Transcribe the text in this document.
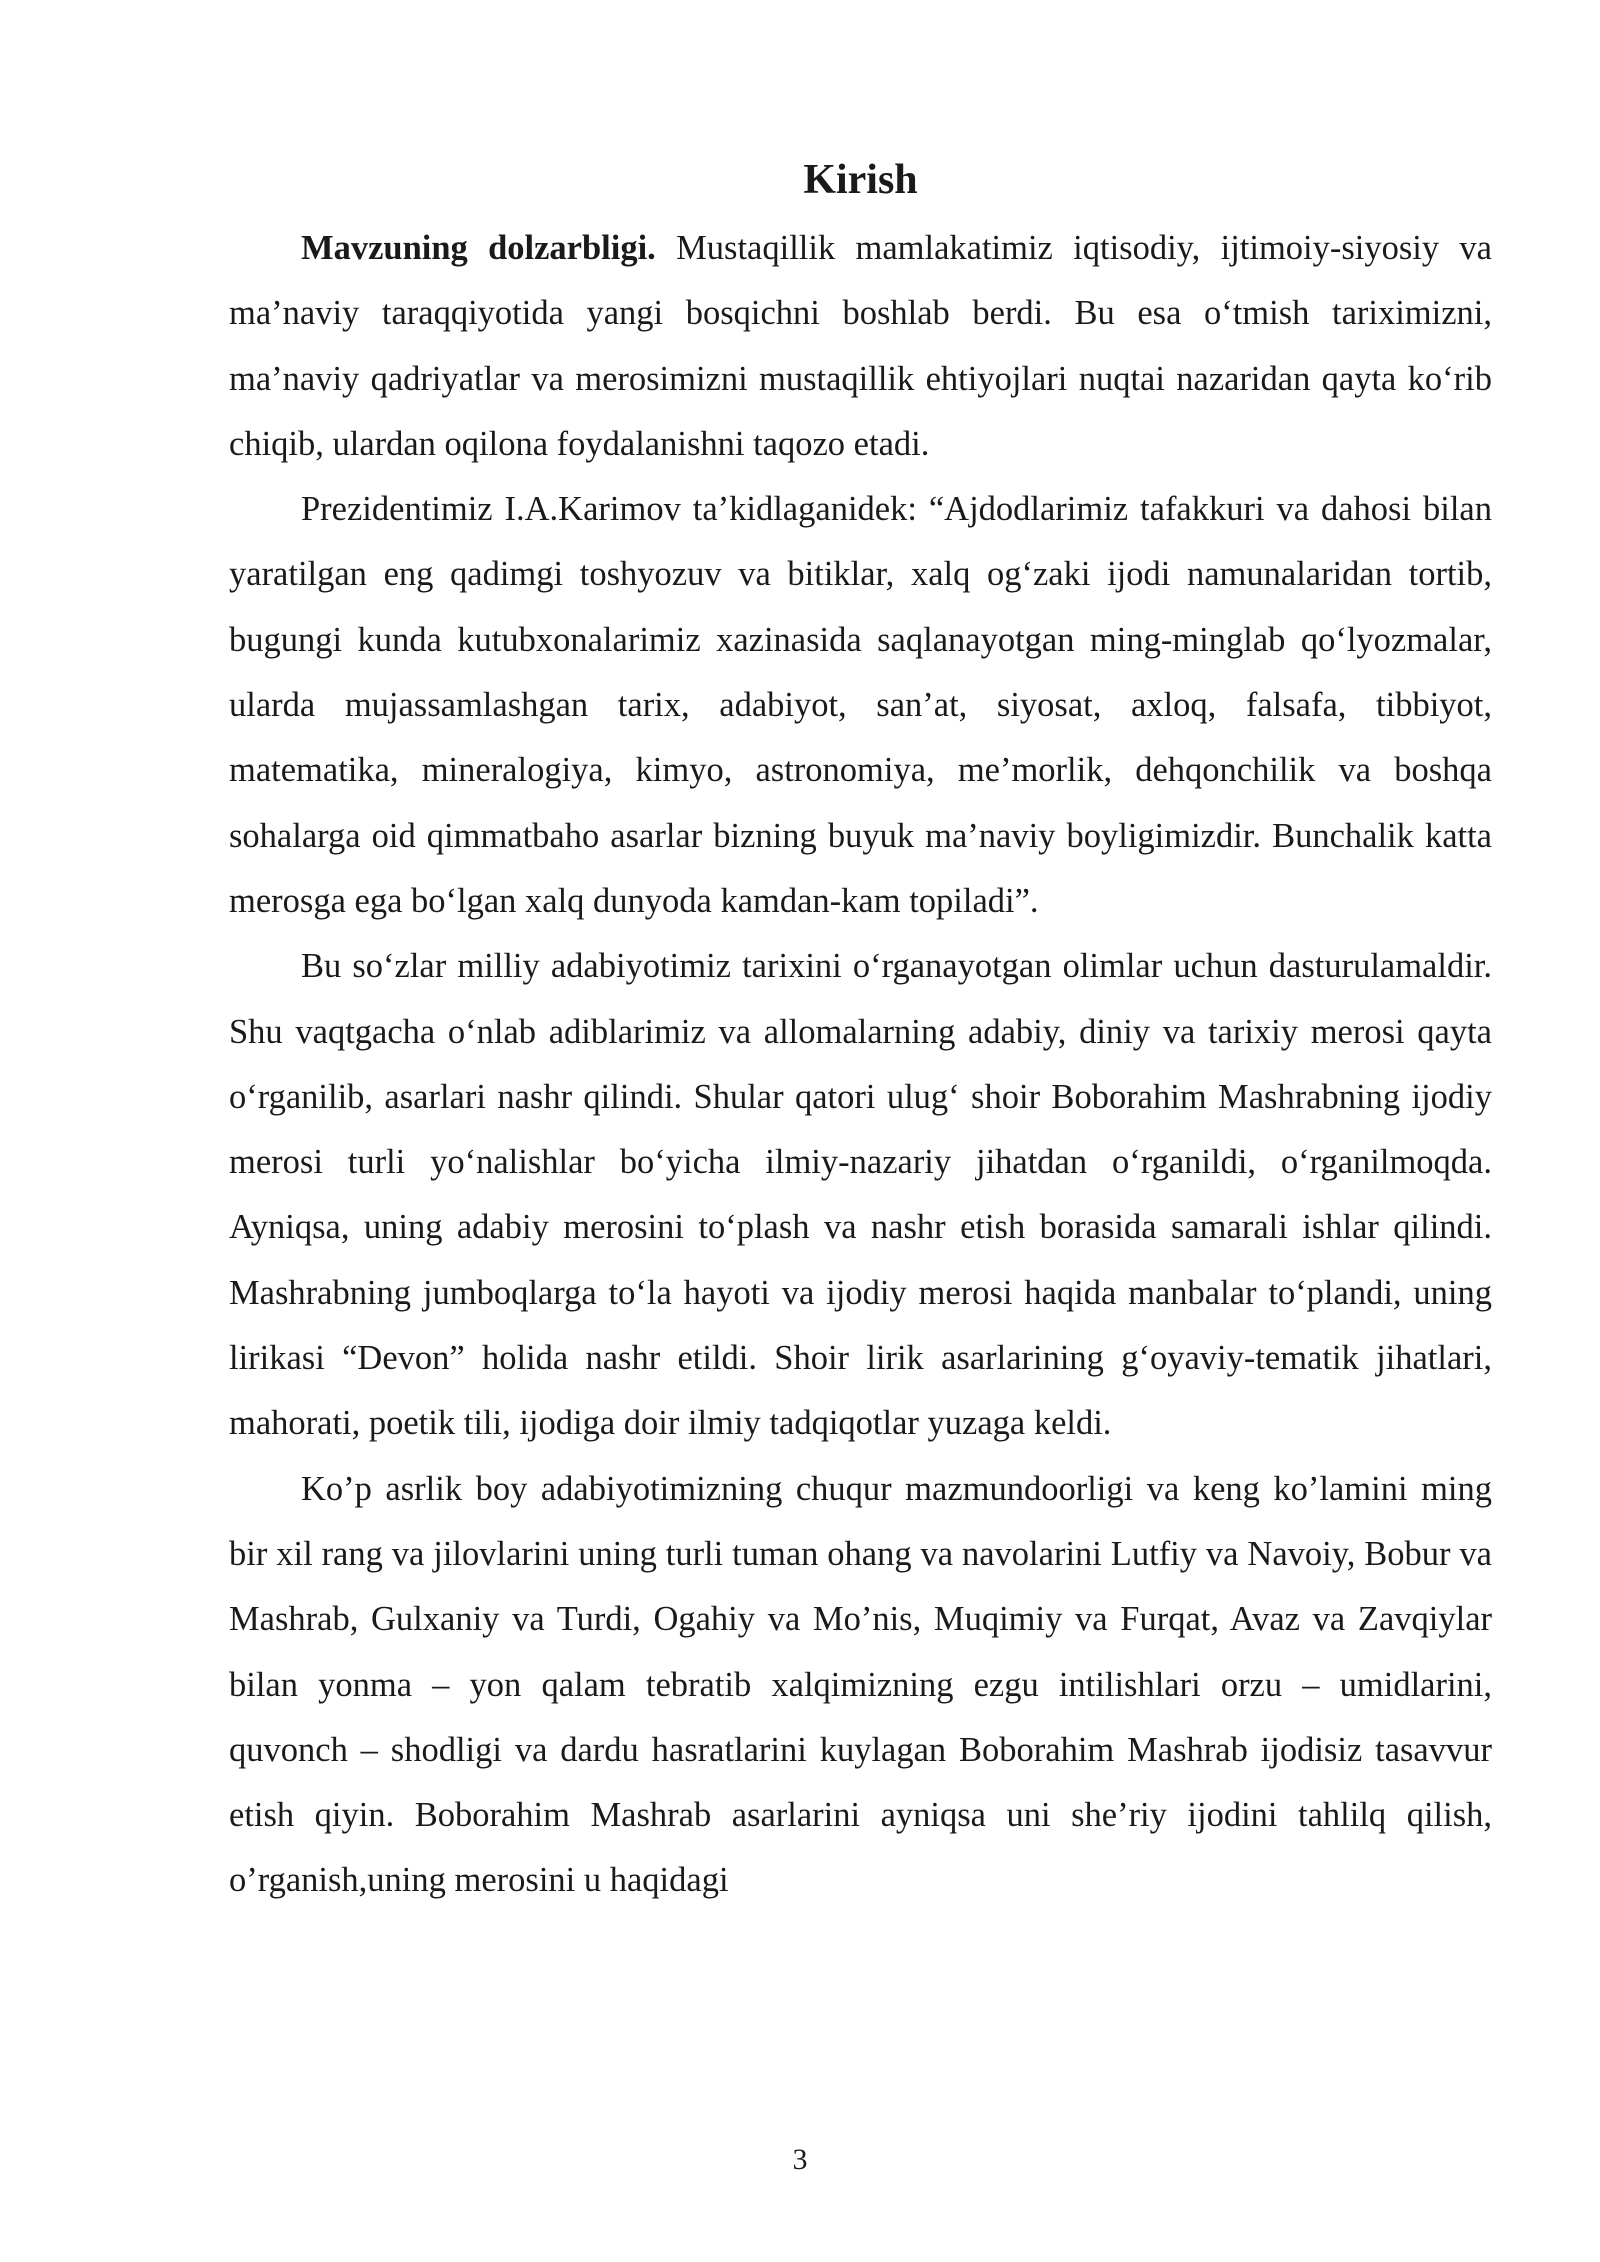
Kirish

Mavzuning dolzarbligi. Mustaqillik mamlakatimiz iqtisodiy, ijtimoiy-siyosiy va ma’naviy taraqqiyotida yangi bosqichni boshlab berdi. Bu esa o‘tmish tariximizni, ma’naviy qadriyatlar va merosimizni mustaqillik ehtiyojlari nuqtai nazaridan qayta ko‘rib chiqib, ulardan oqilona foydalanishni taqozo etadi.

Prezidentimiz I.A.Karimov ta’kidlaganidek: “Ajdodlarimiz tafakkuri va dahosi bilan yaratilgan eng qadimgi toshyozuv va bitiklar, xalq og‘zaki ijodi namunalaridan tortib, bugungi kunda kutubxonalarimiz xazinasida saqlanayotgan ming-minglab qo‘lyozmalar, ularda mujassamlashgan tarix, adabiyot, san’at, siyosat, axloq, falsafa, tibbiyot, matematika, mineralogiya, kimyo, astronomiya, me’morlik, dehqonchilik va boshqa sohalarga oid qimmatbaho asarlar bizning buyuk ma’naviy boyligimizdir. Bunchalik katta merosga ega bo‘lgan xalq dunyoda kamdan-kam topiladi”.

Bu so‘zlar milliy adabiyotimiz tarixini o‘rganayotgan olimlar uchun dasturulamaldir. Shu vaqtgacha o‘nlab adiblarimiz va allomalarning adabiy, diniy va tarixiy merosi qayta o‘rganilib, asarlari nashr qilindi. Shular qatori ulug‘ shoir Boborahim Mashrabning ijodiy merosi turli yo‘nalishlar bo‘yicha ilmiy-nazariy jihatdan o‘rganildi, o‘rganilmoqda. Ayniqsa, uning adabiy merosini to‘plash va nashr etish borasida samarali ishlar qilindi. Mashrabning jumboqlarga to‘la hayoti va ijodiy merosi haqida manbalar to‘plandi, uning lirikasi “Devon” holida nashr etildi. Shoir lirik asarlarining g‘oyaviy-tematik jihatlari, mahorati, poetik tili, ijodiga doir ilmiy tadqiqotlar yuzaga keldi.

Ko’p asrlik boy adabiyotimizning chuqur mazmundoorligi va keng ko’lamini ming bir xil rang va jilovlarini uning turli tuman ohang va navolarini Lutfiy va Navoiy, Bobur va Mashrab, Gulxaniy va Turdi, Ogahiy va Mo’nis, Muqimiy va Furqat, Avaz va Zavqiylar bilan yonma – yon qalam tebratib xalqimizning ezgu intilishlari orzu – umidlarini, quvonch – shodligi va dardu hasratlarini kuylagan Boborahim Mashrab ijodisiz tasavvur etish qiyin. Boborahim Mashrab asarlarini ayniqsa uni she’riy ijodini tahlilq qilish, o’rganish,uning merosini u haqidagi

3
